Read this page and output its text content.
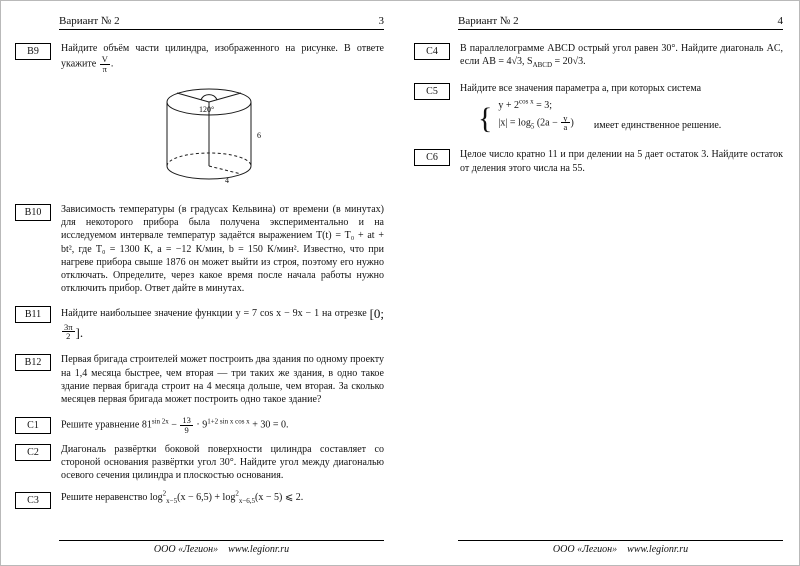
Вариант № 2	3
В9 Найдите объём части цилиндра, изображенного на рисунке. В ответе укажите $\frac{V}{\pi}$ .

120°
6
4
В10 Зависимость температуры (в градусах Кельвина) от времени (в минутах) для некоторого прибора была получена экспериментально и на исследуемом интервале температур задаётся выражением T(t) = T₀ + at + bt², где T₀ = 1300 К, a = −12 К/мин, b = 150 К/мин². Известно, что при нагреве прибора свыше 1876 он может выйти из строя, поэтому его нужно отключать. Определите, через какое время после начала работы нужно отключить прибор. Ответ дайте в минутах.

В11 Найдите наибольшее значение функции y = 7 cos x − 9x − 1 на отрезке [0;
$\frac{3\pi}{2}$ ].

В12 Первая бригада строителей может построить два здания по одному проекту на 1,4 месяца быстрее, чем вторая — три таких же здания, в одно такое здание первая бригада строит на 4 месяца дольше, чем вторая. За сколько месяцев первая бригада может построить одно такое здание?

С1 Решите уравнение $81^{sin 2x} - \frac{13}{9} \cdot 9^{1+2 sin x cos x} + 30 = 0$.

С2 Диагональ развёртки боковой поверхности цилиндра составляет со стороной основания развёртки угол 30°. Найдите угол между диагональю осевого сечения цилиндра и плоскостью основания.

С3 Решите неравенство $\log^2_{x-5}(x - 6,5) + \log^2_{x-6,5}(x - 5)$ ⩽ 2.

ООО «Легион» www.legionr.ru
Вариант № 2	4
С4 В параллелограмме ABCD острый угол равен 30°. Найдите диагональ AC, если AB = 4√3, $S_{ABCD} = 20√3$.

С5 Найдите все значения параметра a, при которых система

{ $y + 2^{cos x} = 3$;
$|x| = \log_5 (2a - \frac{y}{a}$ ) имеет единственное решение.
С6 Целое число кратно 11 и при делении на 5 дает остаток 3. Найдите остаток от деления этого числа на 55.

ООО «Легион» www.legionr.ru
